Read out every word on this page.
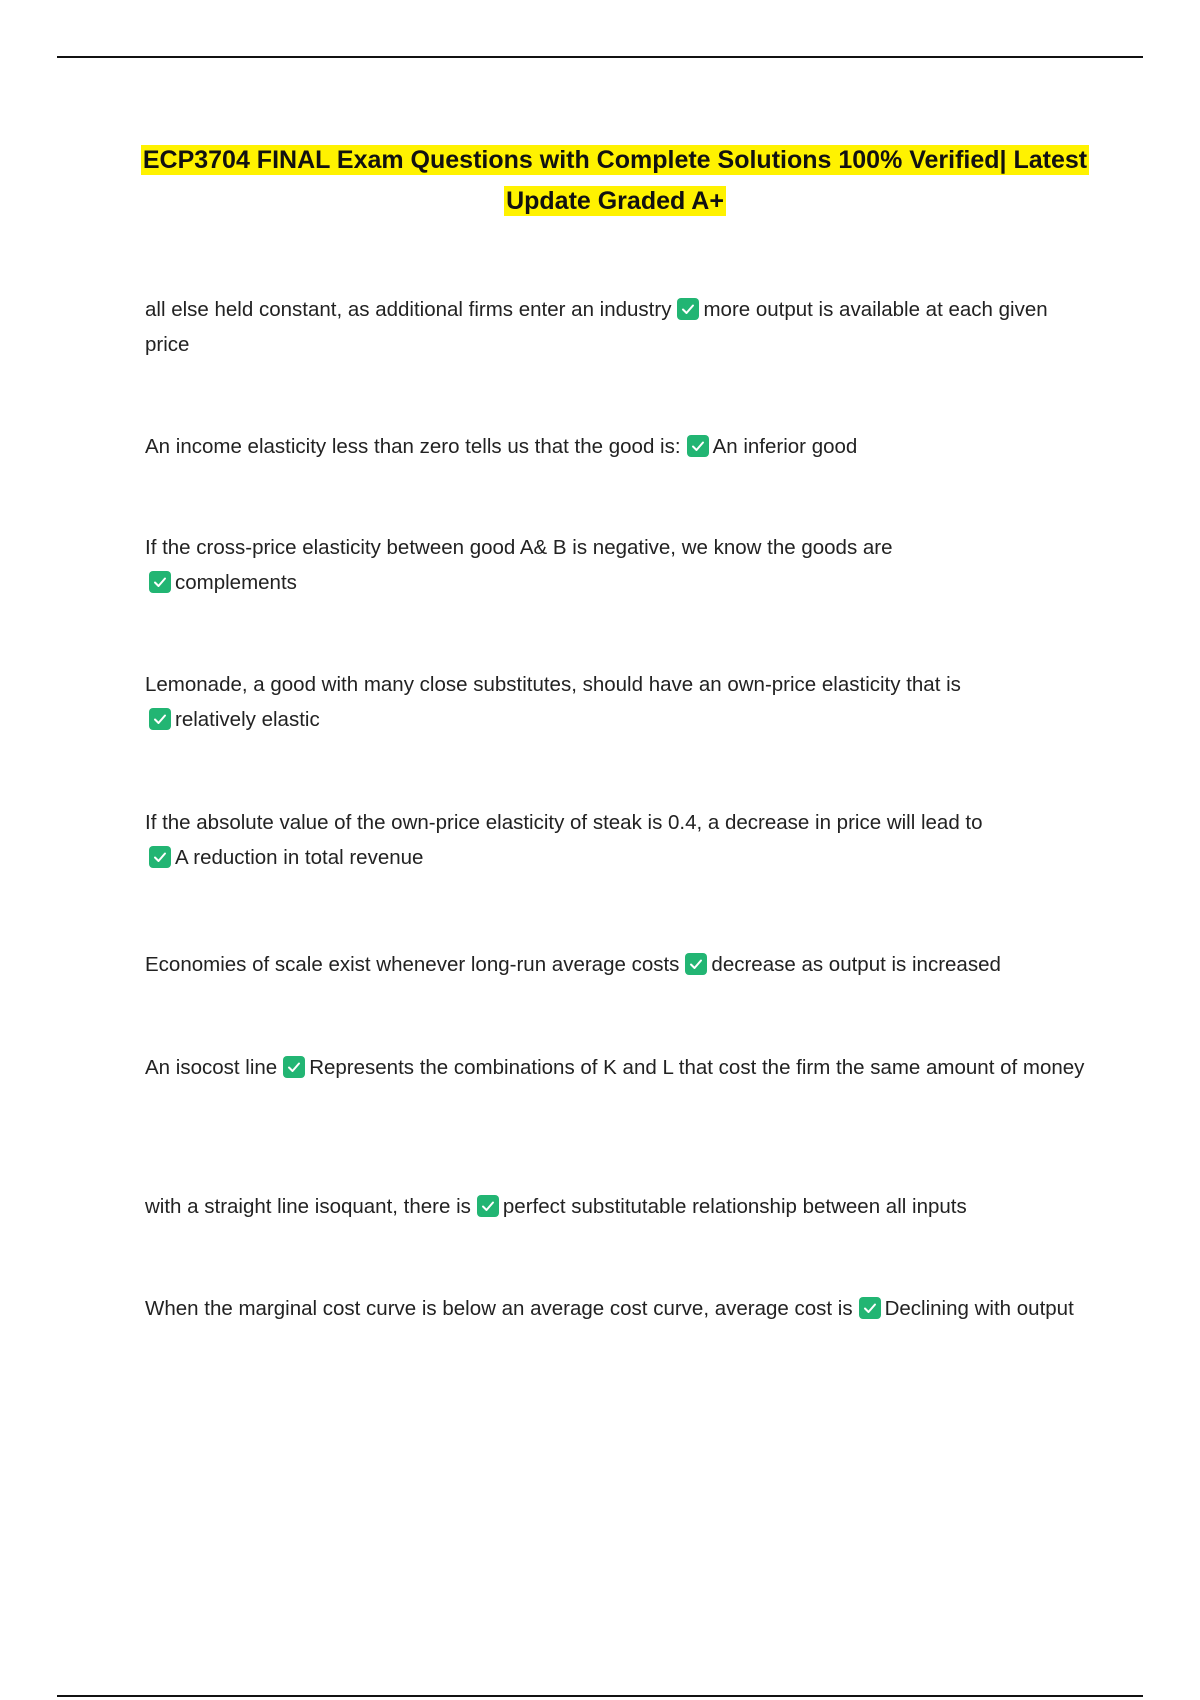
ECP3704 FINAL Exam Questions with Complete Solutions 100% Verified| Latest
Update Graded A+
all else held constant, as additional firms enter an industry more output is available at each given price
An income elasticity less than zero tells us that the good is: An inferior good
If the cross-price elasticity between good A& B is negative, we know the goods are

complements
Lemonade, a good with many close substitutes, should have an own-price elasticity that is

relatively elastic
If the absolute value of the own-price elasticity of steak is 0.4, a decrease in price will lead to

A reduction in total revenue
Economies of scale exist whenever long-run average costs decrease as output is increased
An isocost line Represents the combinations of K and L that cost the firm the same amount of money
with a straight line isoquant, there is perfect substitutable relationship between all inputs
When the marginal cost curve is below an average cost curve, average cost is Declining with output
